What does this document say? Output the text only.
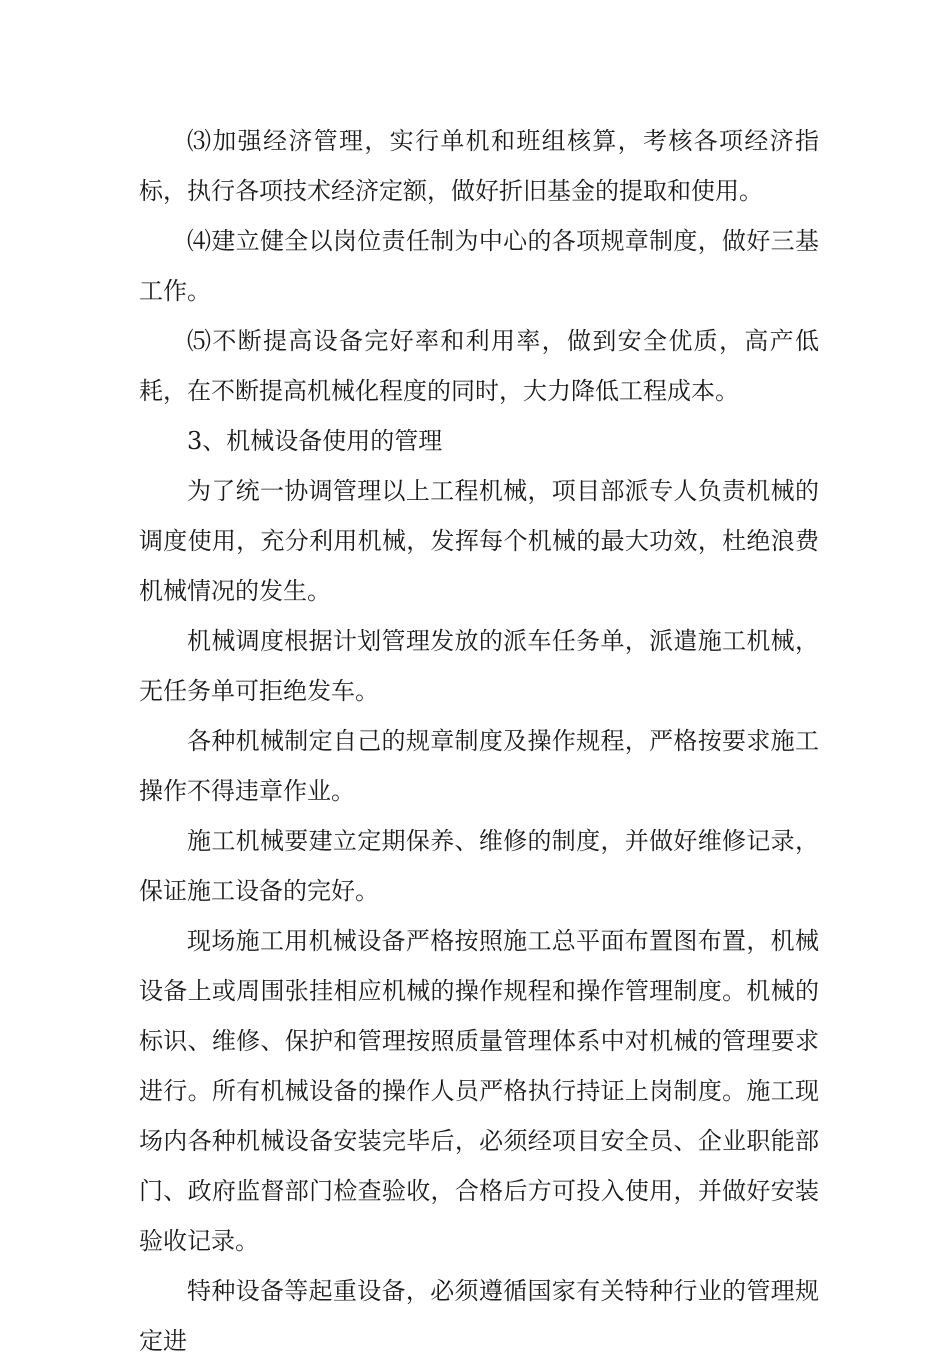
⑶加强经济管理，实行单机和班组核算，考核各项经济指标，执行各项技术经济定额，做好折旧基金的提取和使用。

⑷建立健全以岗位责任制为中心的各项规章制度，做好三基工作。

⑸不断提高设备完好率和利用率，做到安全优质，高产低耗，在不断提高机械化程度的同时，大力降低工程成本。

3、机械设备使用的管理

为了统一协调管理以上工程机械，项目部派专人负责机械的调度使用，充分利用机械，发挥每个机械的最大功效，杜绝浪费机械情况的发生。

机械调度根据计划管理发放的派车任务单，派遣施工机械，无任务单可拒绝发车。

各种机械制定自己的规章制度及操作规程，严格按要求施工操作不得违章作业。

施工机械要建立定期保养、维修的制度，并做好维修记录，保证施工设备的完好。

现场施工用机械设备严格按照施工总平面布置图布置，机械设备上或周围张挂相应机械的操作规程和操作管理制度。机械的标识、维修、保护和管理按照质量管理体系中对机械的管理要求进行。所有机械设备的操作人员严格执行持证上岗制度。施工现场内各种机械设备安装完毕后，必须经项目安全员、企业职能部门、政府监督部门检查验收，合格后方可投入使用，并做好安装验收记录。

特种设备等起重设备，必须遵循国家有关特种行业的管理规定进
